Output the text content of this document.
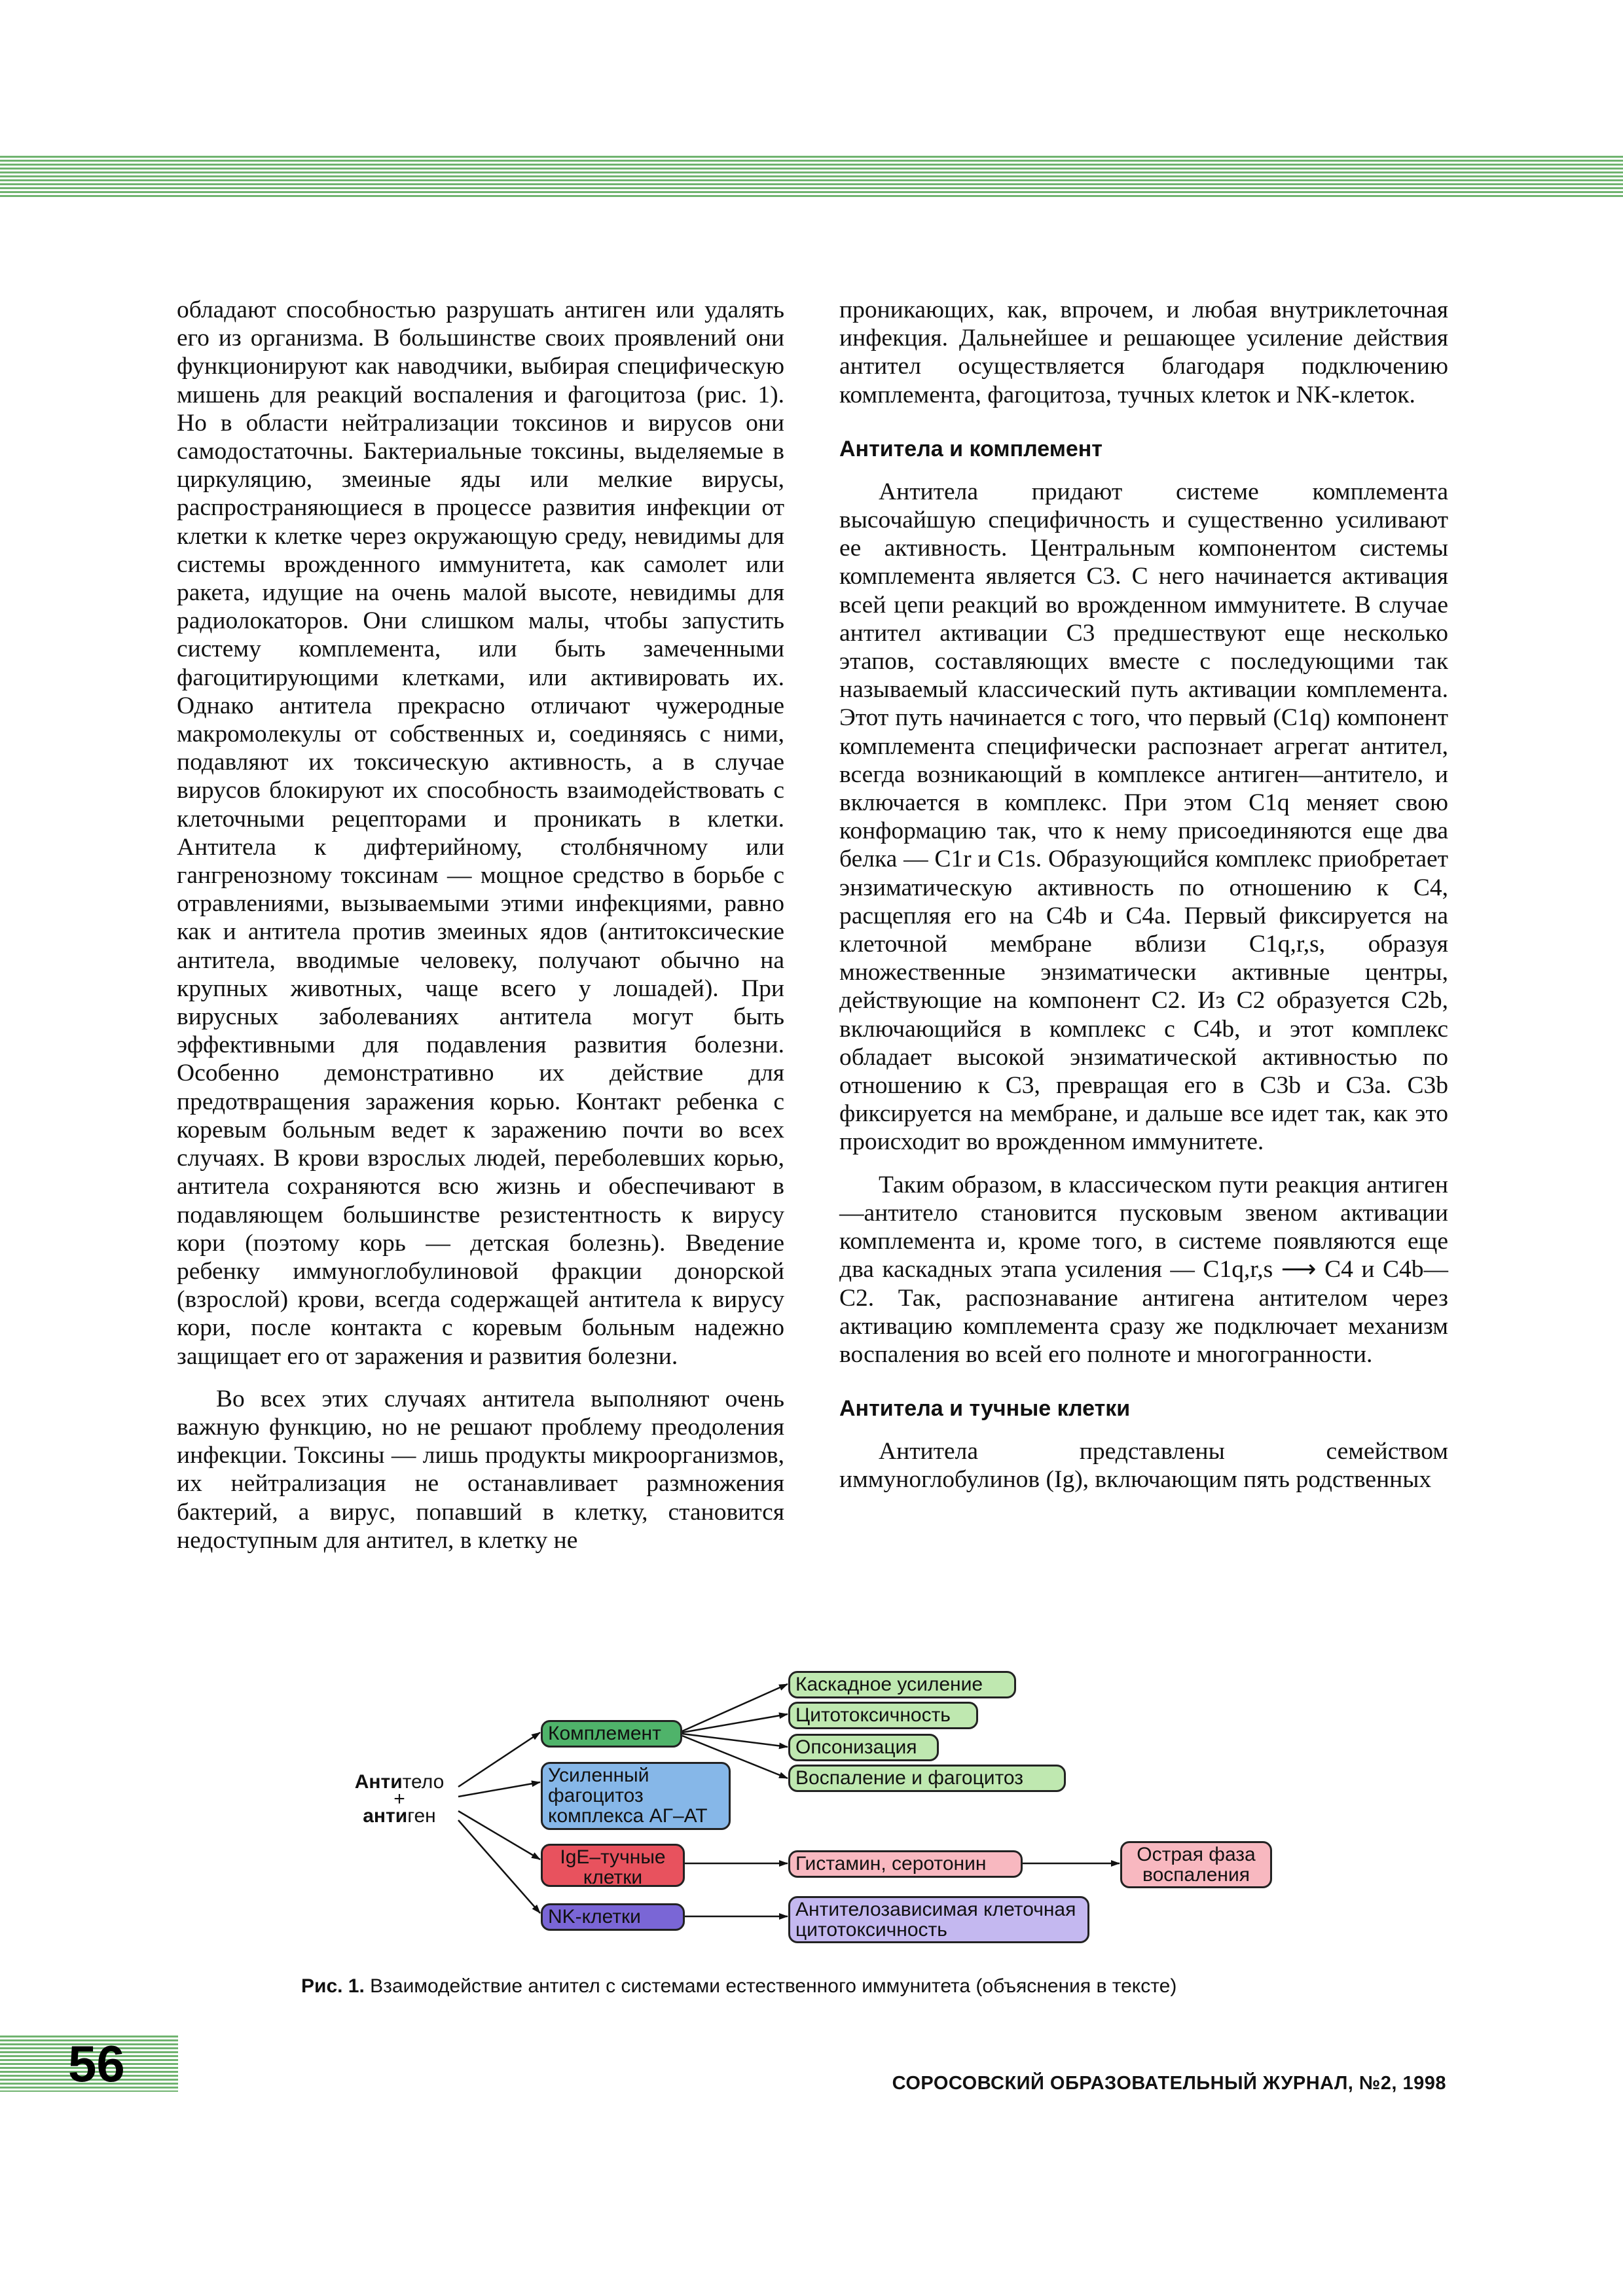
обладают способностью разрушать антиген или удалять его из организма. В большинстве своих проявлений они функционируют как наводчики, выбирая специфическую мишень для реакций воспаления и фагоцитоза (рис. 1). Но в области нейтрализации токсинов и вирусов они самодостаточны. Бактериальные токсины, выделяемые в циркуляцию, змеиные яды или мелкие вирусы, распространяющиеся в процессе развития инфекции от клетки к клетке через окружающую среду, невидимы для системы врожденного иммунитета, как самолет или ракета, идущие на очень малой высоте, невидимы для радиолокаторов. Они слишком малы, чтобы запустить систему комплемента, или быть замеченными фагоцитирующими клетками, или активировать их. Однако антитела прекрасно отличают чужеродные макромолекулы от собственных и, соединяясь с ними, подавляют их токсическую активность, а в случае вирусов блокируют их способность взаимодействовать с клеточными рецепторами и проникать в клетки. Антитела к дифтерийному, столбнячному или гангренозному токсинам — мощное средство в борьбе с отравлениями, вызываемыми этими инфекциями, равно как и антитела против змеиных ядов (антитоксические антитела, вводимые человеку, получают обычно на крупных животных, чаще всего у лошадей). При вирусных заболеваниях антитела могут быть эффективными для подавления развития болезни. Особенно демонстративно их действие для предотвращения заражения корью. Контакт ребенка с коревым больным ведет к заражению почти во всех случаях. В крови взрослых людей, переболевших корью, антитела сохраняются всю жизнь и обеспечивают в подавляющем большинстве резистентность к вирусу кори (поэтому корь — детская болезнь). Введение ребенку иммуноглобулиновой фракции донорской (взрослой) крови, всегда содержащей антитела к вирусу кори, после контакта с коревым больным надежно защищает его от заражения и развития болезни.

Во всех этих случаях антитела выполняют очень важную функцию, но не решают проблему преодоления инфекции. Токсины — лишь продукты микроорганизмов, их нейтрализация не останавливает размножения бактерий, а вирус, попавший в клетку, становится недоступным для антител, в клетку не

проникающих, как, впрочем, и любая внутриклеточная инфекция. Дальнейшее и решающее усиление действия антител осуществляется благодаря подключению комплемента, фагоцитоза, тучных клеток и NK-клеток.

Антитела и комплемент

Антитела придают системе комплемента высочайшую специфичность и существенно усиливают ее активность. Центральным компонентом системы комплемента является С3. С него начинается активация всей цепи реакций во врожденном иммунитете. В случае антител активации С3 предшествуют еще несколько этапов, составляющих вместе с последующими так называемый классический путь активации комплемента. Этот путь начинается с того, что первый (С1q) компонент комплемента специфически распознает агрегат антител, всегда возникающий в комплексе антиген—антитело, и включается в комплекс. При этом С1q меняет свою конформацию так, что к нему присоединяются еще два белка — С1r и С1s. Образующийся комплекс приобретает энзиматическую активность по отношению к С4, расщепляя его на С4b и С4a. Первый фиксируется на клеточной мембране вблизи С1q,r,s, образуя множественные энзиматически активные центры, действующие на компонент С2. Из С2 образуется С2b, включающийся в комплекс с С4b, и этот комплекс обладает высокой энзиматической активностью по отношению к С3, превращая его в С3b и С3a. С3b фиксируется на мембране, и дальше все идет так, как это происходит во врожденном иммунитете.

Таким образом, в классическом пути реакция антиген—антитело становится пусковым звеном активации комплемента и, кроме того, в системе появляются еще два каскадных этапа усиления — С1q,r,s ⟶ С4 и С4b—С2. Так, распознавание антигена антителом через активацию комплемента сразу же подключает механизм воспаления во всей его полноте и многогранности.

Антитела и тучные клетки

Антитела представлены семейством иммуноглобулинов (Ig), включающим пять родственных

Антитело
+
антиген
Комплемент
Усиленный фагоцитоз комплекса АГ–АТ
IgE–тучные клетки
NK-клетки
Каскадное усиление
Цитотоксичность
Опсонизация
Воспаление и фагоцитоз
Гистамин, серотонин	Острая фаза воспаления
Антителозависимая клеточная цитотоксичность
Рис. 1. Взаимодействие антител с системами естественного иммунитета (объяснения в тексте)
56	СОРОСОВСКИЙ ОБРАЗОВАТЕЛЬНЫЙ ЖУРНАЛ, №2, 1998
